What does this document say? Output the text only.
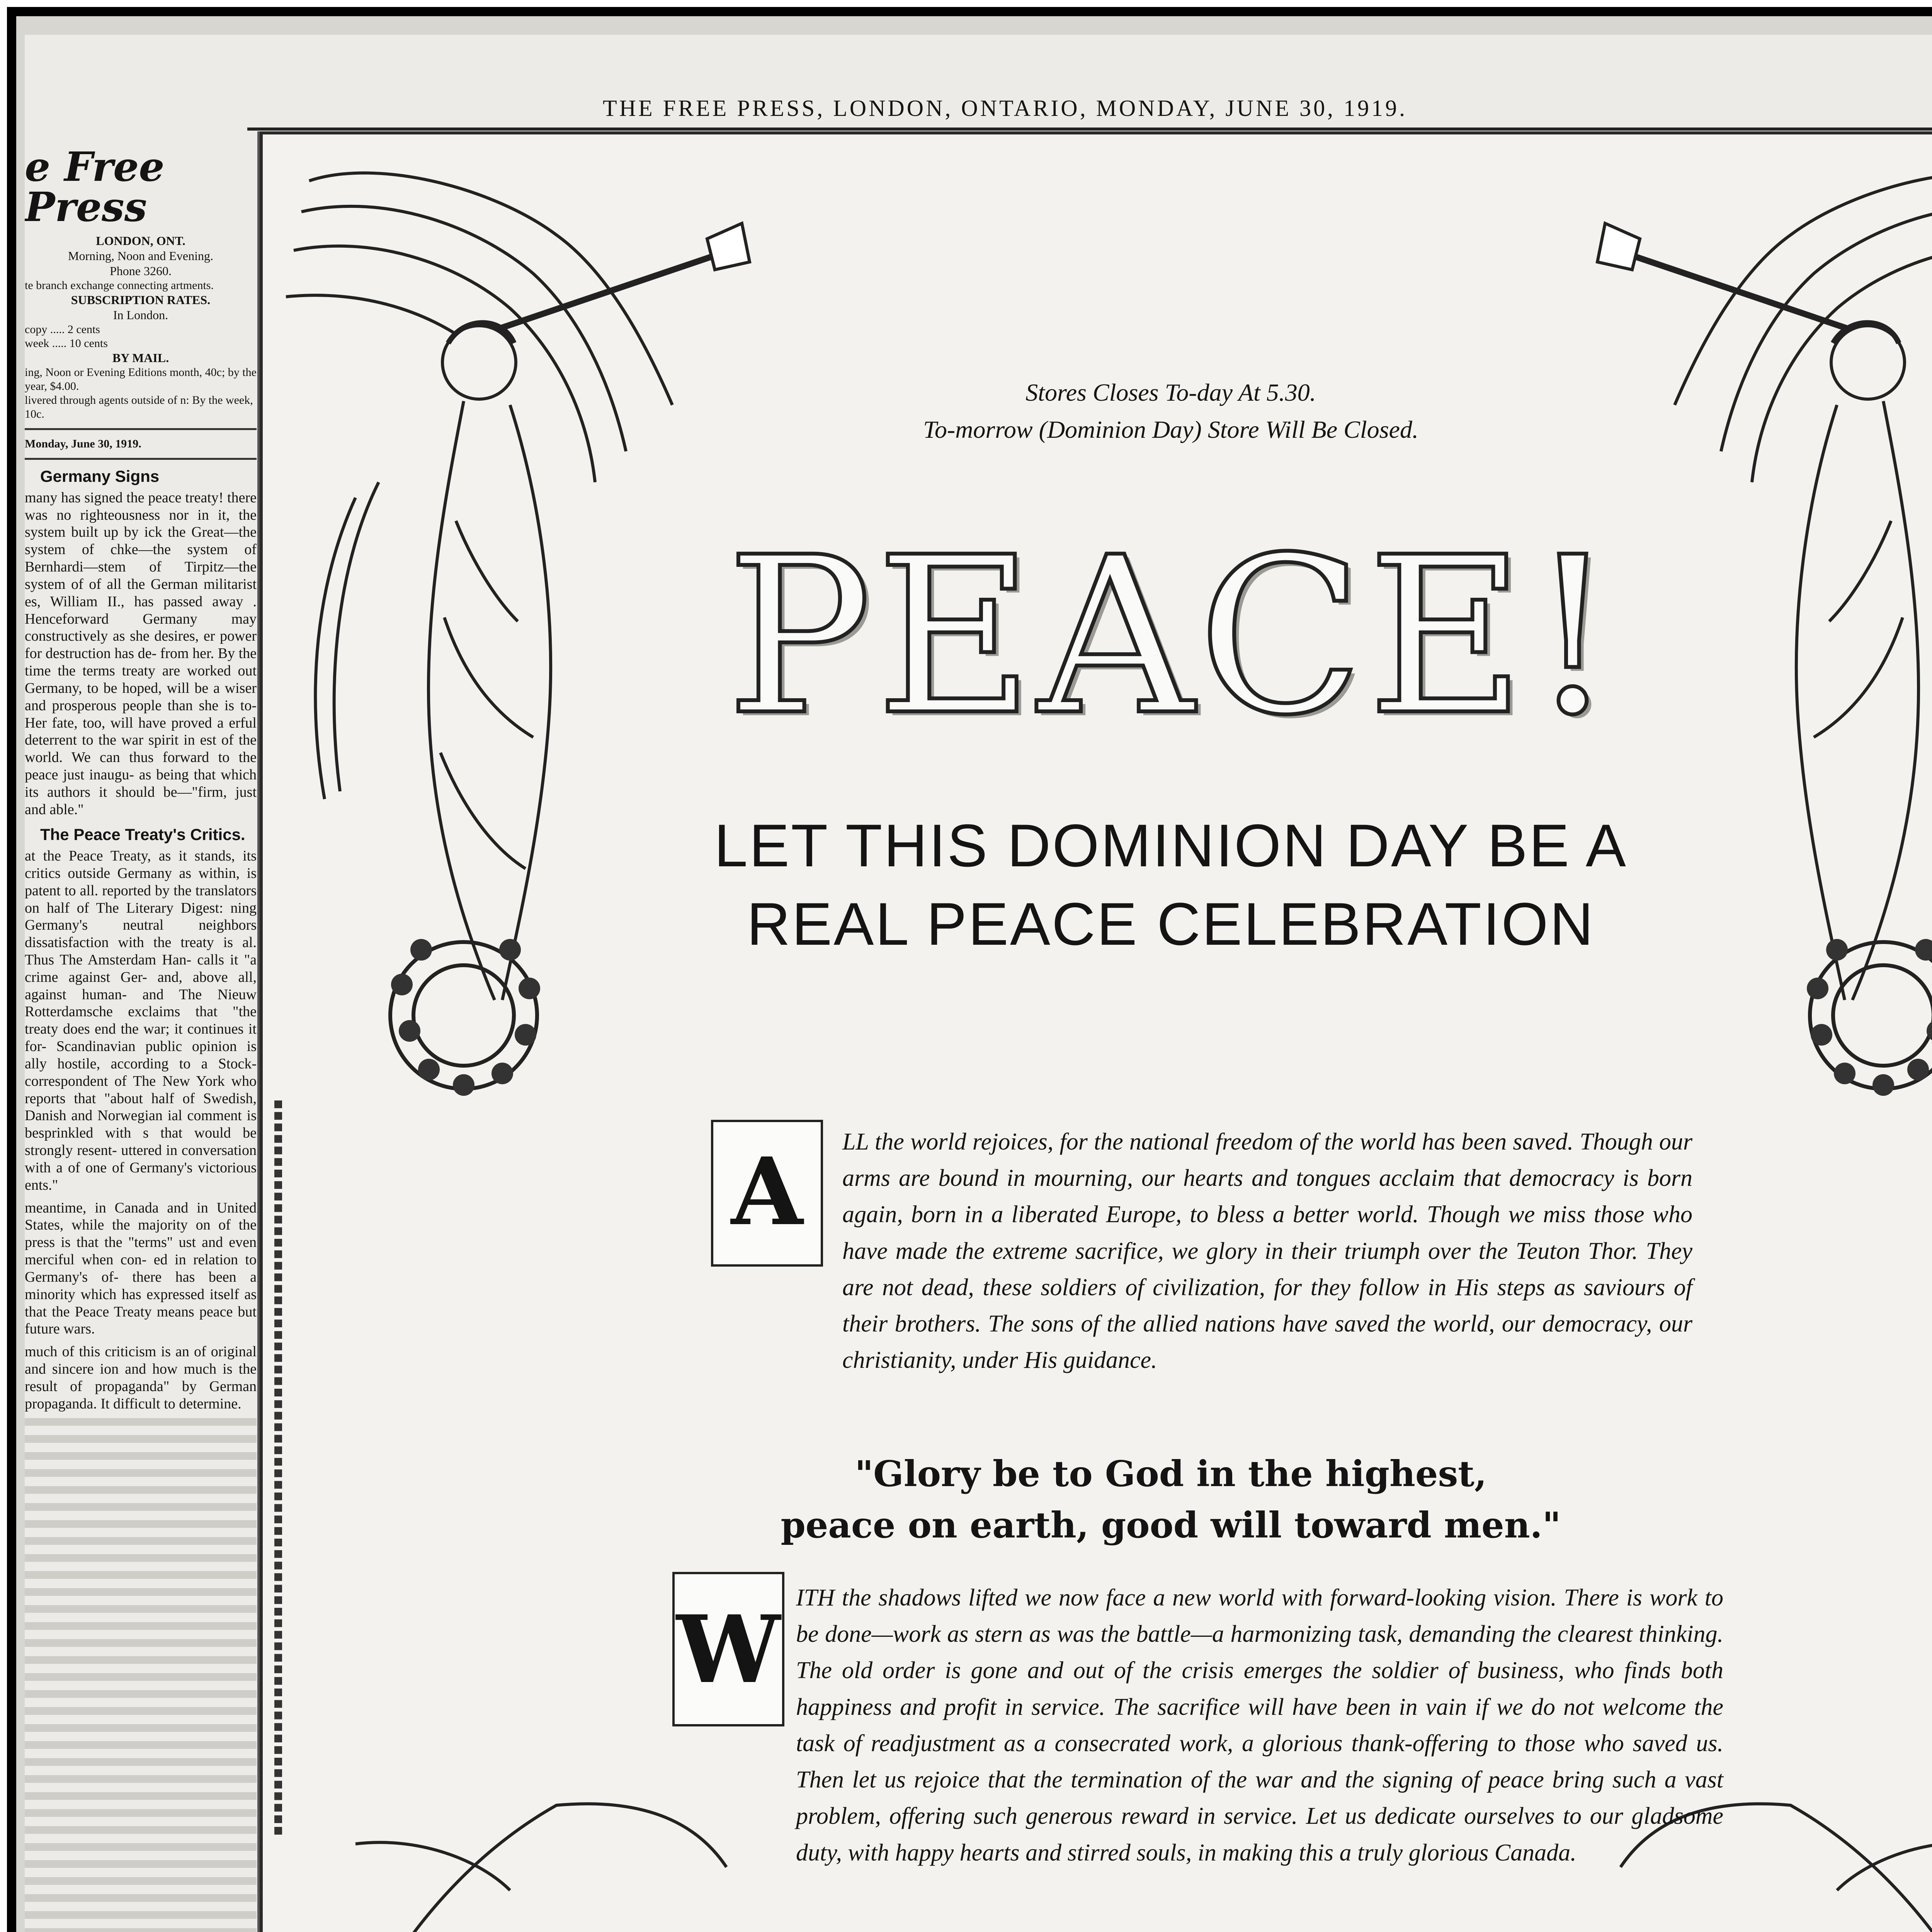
THE FREE PRESS, LONDON, ONTARIO, MONDAY, JUNE 30, 1919.
e Free Press
LONDON, ONT.
Morning, Noon and Evening.
Phone 3260.
te branch exchange connecting artments.
SUBSCRIPTION RATES.
In London.
copy ..... 2 cents
week ..... 10 cents
BY MAIL.
ing, Noon or Evening Editions month, 40c; by the year, $4.00.
livered through agents outside of n: By the week, 10c.
Monday, June 30, 1919.
Germany Signs

many has signed the peace treaty! there was no righteousness nor in it, the system built up by ick the Great—the system of chke—the system of Bernhardi—stem of Tirpitz—the system of of all the German militarist es, William II., has passed away . Henceforward Germany may constructively as she desires, er power for destruction has de- from her. By the time the terms treaty are worked out Germany, to be hoped, will be a wiser and prosperous people than she is to- Her fate, too, will have proved a erful deterrent to the war spirit in est of the world. We can thus forward to the peace just inaugu- as being that which its authors it should be—"firm, just and able."

The Peace Treaty's Critics.

at the Peace Treaty, as it stands, its critics outside Germany as within, is patent to all. reported by the translators on half of The Literary Digest: ning Germany's neutral neighbors dissatisfaction with the treaty is al. Thus The Amsterdam Han- calls it "a crime against Ger- and, above all, against human- and The Nieuw Rotterdamsche exclaims that "the treaty does end the war; it continues it for- Scandinavian public opinion is ally hostile, according to a Stock- correspondent of The New York who reports that "about half of Swedish, Danish and Norwegian ial comment is besprinkled with s that would be strongly resent- uttered in conversation with a of one of Germany's victorious ents."

meantime, in Canada and in United States, while the majority on of the press is that the "terms" ust and even merciful when con- ed in relation to Germany's of- there has been a minority which has expressed itself as that the Peace Treaty means peace but future wars.

much of this criticism is an of original and sincere ion and how much is the result of propaganda" by German propaganda. It difficult to determine.

Stores Closes To-day At 5.30.
To-morrow (Dominion Day) Store Will Be Closed.
PEACE!
LET THIS DOMINION DAY BE A
REAL PEACE CELEBRATION
A	LL the world rejoices, for the national freedom of the world has been saved. Though our arms are bound in mourning, our hearts and tongues acclaim that democracy is born again, born in a liberated Europe, to bless a better world. Though we miss those who have made the extreme sacrifice, we glory in their triumph over the Teuton Thor. They are not dead, these soldiers of civilization, for they follow in His steps as saviours of their brothers. The sons of the allied nations have saved the world, our democracy, our christianity, under His guidance.
"Glory be to God in the highest,
peace on earth, good will toward men."
W ITH the shadows lifted we now face a new world with forward-looking vision. There is work to be done—work as stern as was the battle—a harmonizing task, demanding the clearest thinking. The old order is gone and out of the crisis emerges the soldier of business, who finds both happiness and profit in service. The sacrifice will have been in vain if we do not welcome the task of readjustment as a consecrated work, a glorious thank-offering to those who saved us. Then let us rejoice that the termination of the war and the signing of peace bring such a vast problem, offering such generous reward in service. Let us dedicate ourselves to our gladsome duty, with happy hearts and stirred souls, in making this a truly glorious Canada.
